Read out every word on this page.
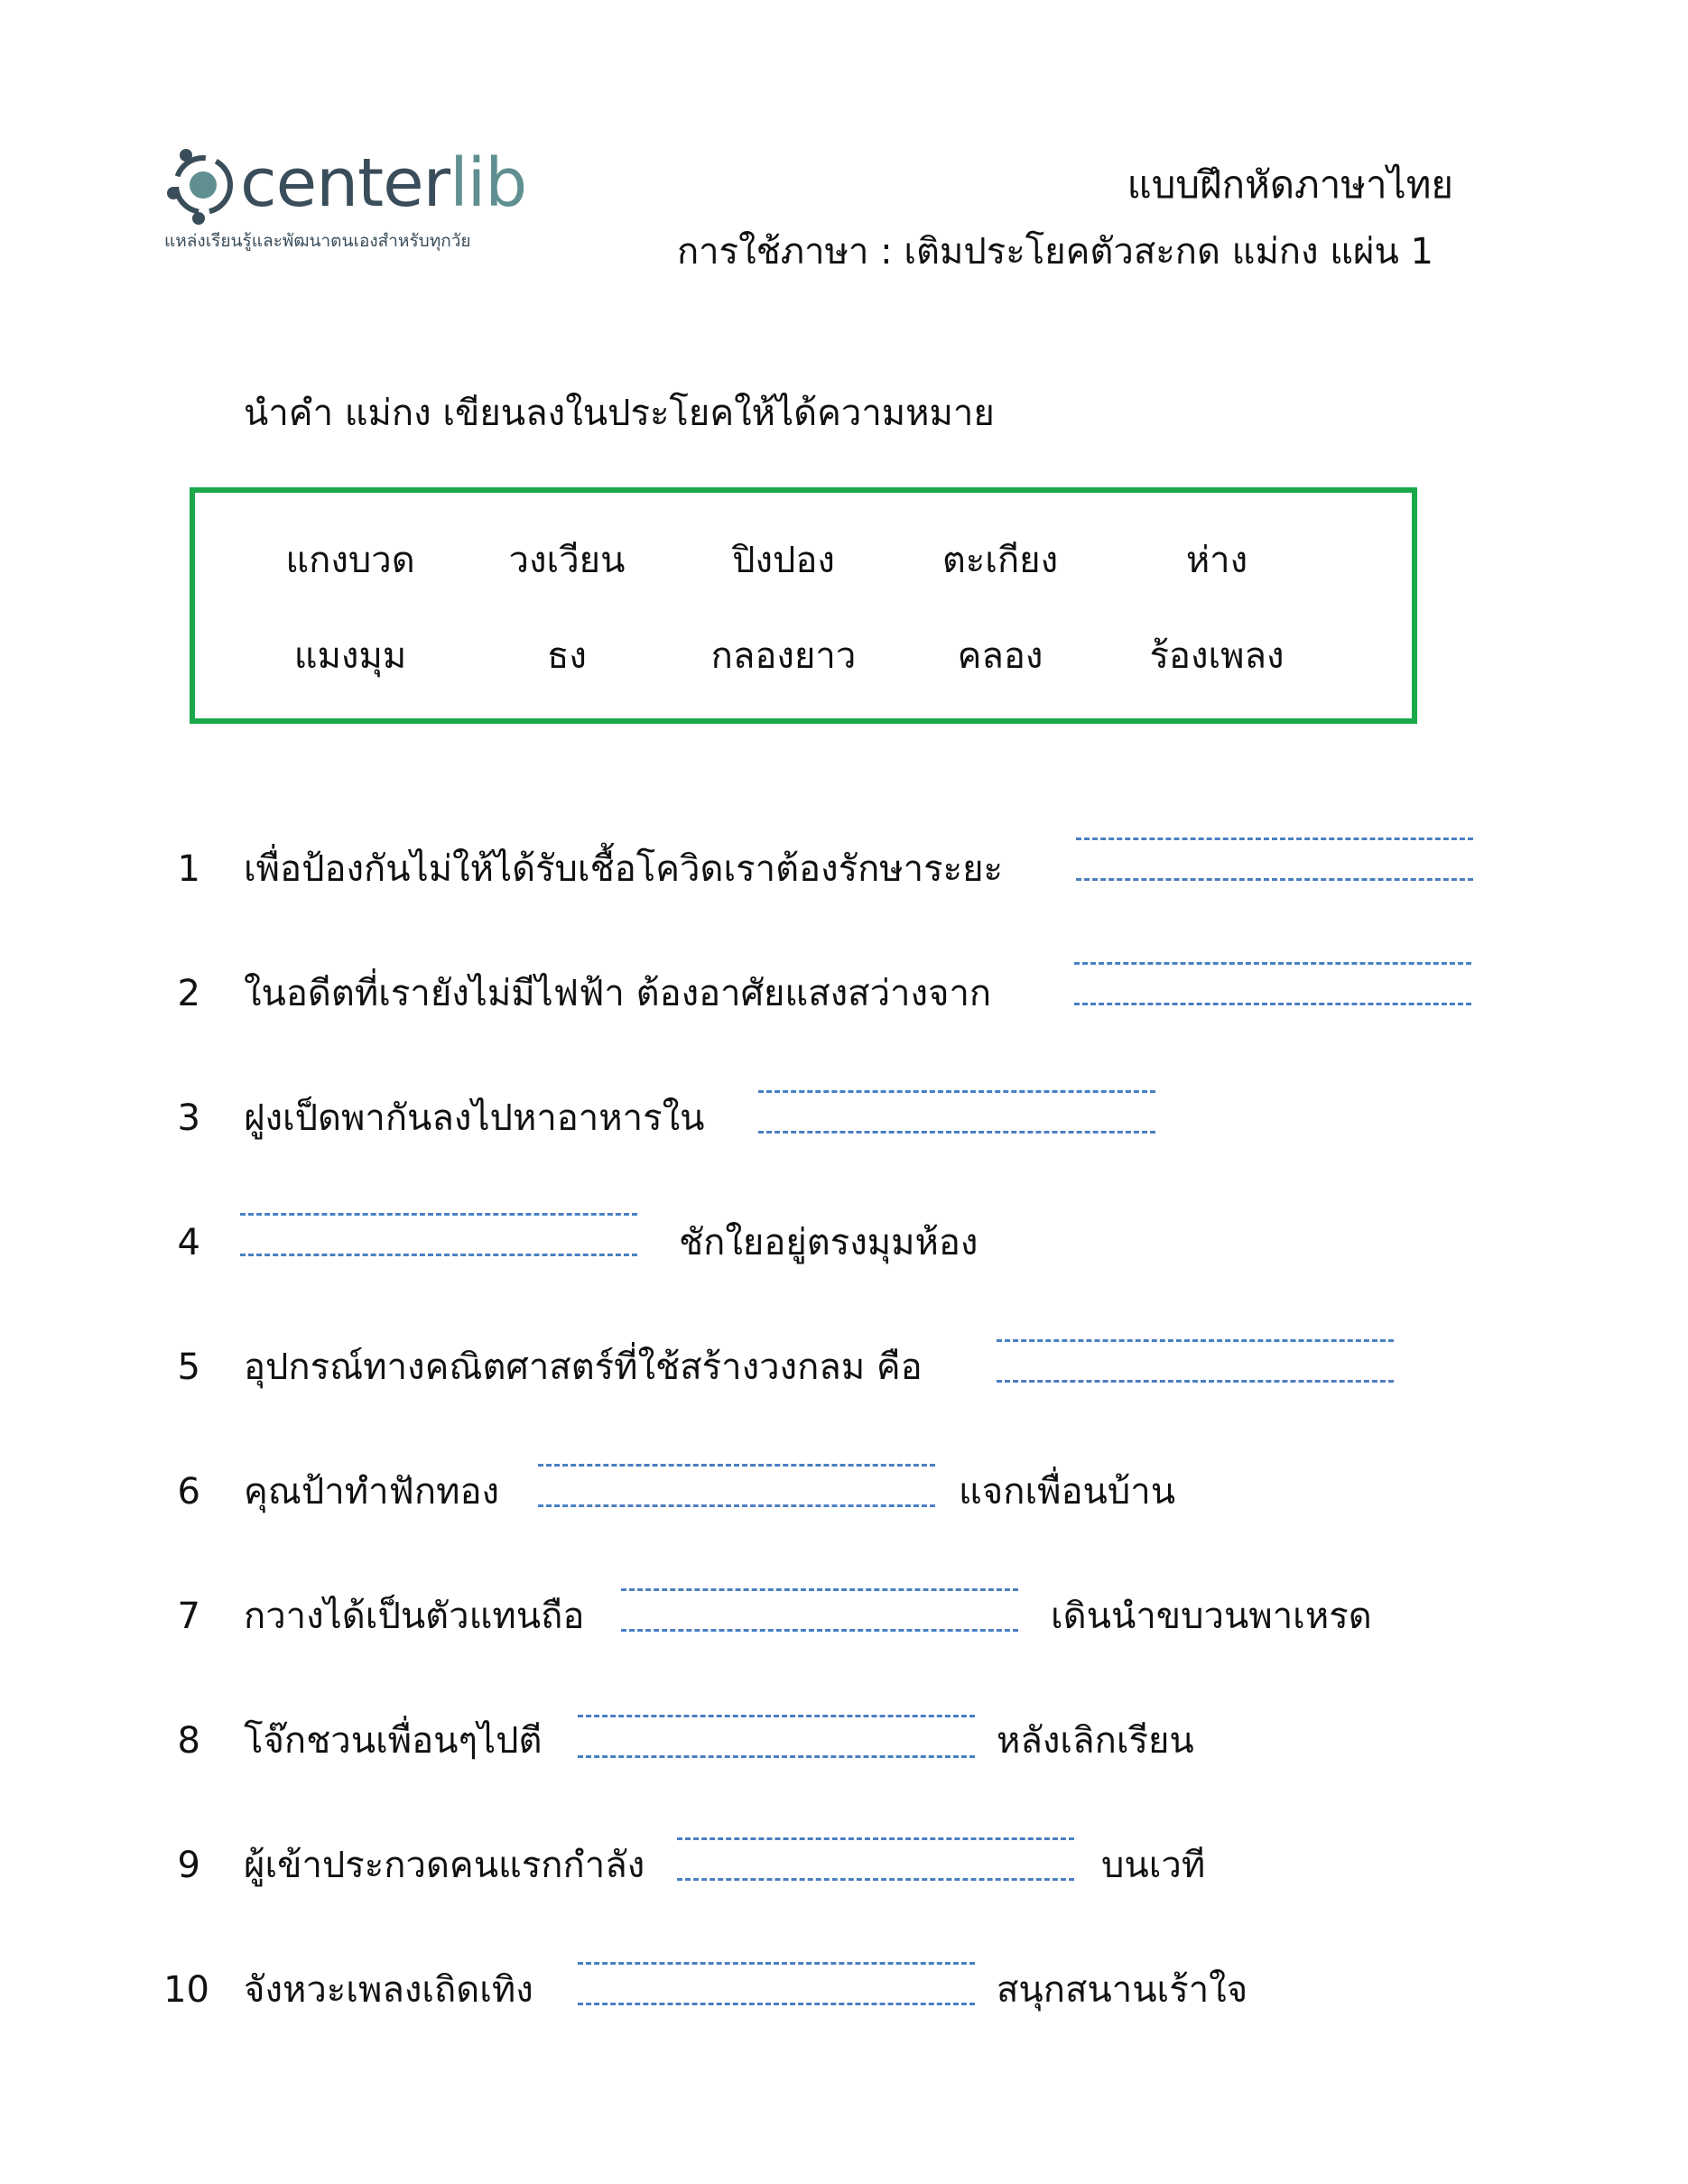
centerlib
แหล่งเรียนรู้และพัฒนาตนเองสำหรับทุกวัย
แบบฝึกหัดภาษาไทย
การใช้ภาษา : เติมประโยคตัวสะกด แม่กง แผ่น 1
นำคำ แม่กง เขียนลงในประโยคให้ได้ความหมาย
แกงบวด	วงเวียน	ปิงปอง	ตะเกียง	ห่าง
แมงมุม	ธง	กลองยาว	คลอง	ร้องเพลง
1 เพื่อป้องกันไม่ให้ได้รับเชื้อโควิดเราต้องรักษาระยะ
2 ในอดีตที่เรายังไม่มีไฟฟ้า ต้องอาศัยแสงสว่างจาก
3 ฝูงเป็ดพากันลงไปหาอาหารใน
4	ชักใยอยู่ตรงมุมห้อง
5 อุปกรณ์ทางคณิตศาสตร์ที่ใช้สร้างวงกลม คือ
6 คุณป้าทำฟักทอง	แจกเพื่อนบ้าน
7 กวางได้เป็นตัวแทนถือ	เดินนำขบวนพาเหรด
8 โจ๊กชวนเพื่อนๆไปตี	หลังเลิกเรียน
9 ผู้เข้าประกวดคนแรกกำลัง	บนเวที
10 จังหวะเพลงเถิดเทิง	สนุกสนานเร้าใจ
